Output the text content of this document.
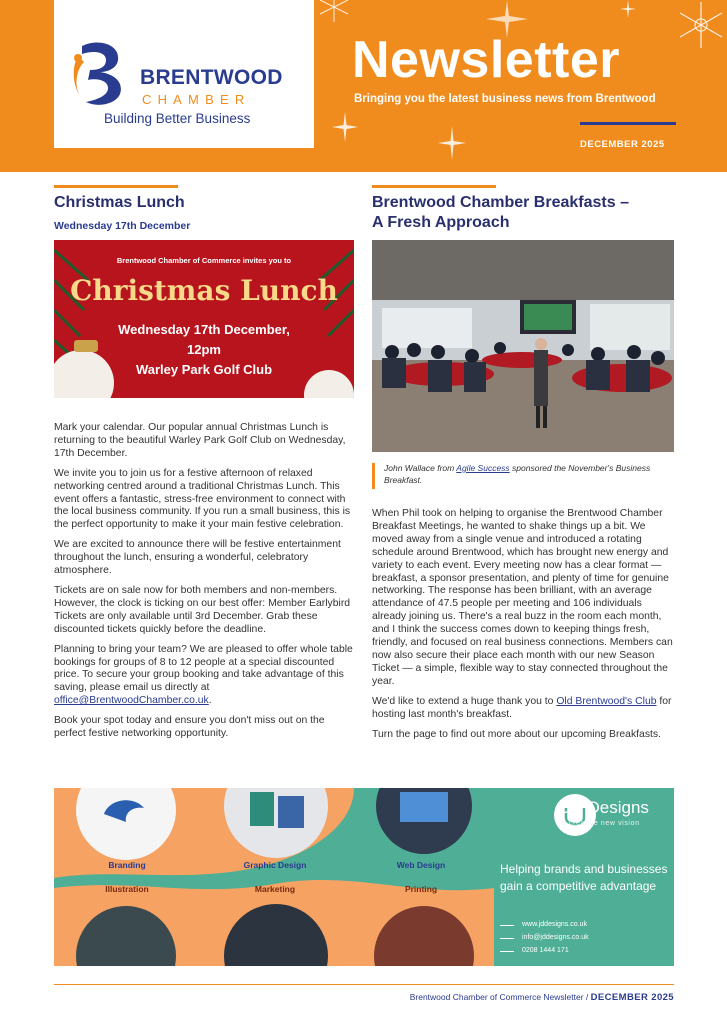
BRENTWOOD
CHAMBER
Building Better Business
Newsletter
Bringing you the latest business news from Brentwood
DECEMBER 2025
Christmas Lunch
Wednesday 17th December
Brentwood Chamber of Commerce invites you to
Christmas Lunch
Wednesday 17th December,
12pm
Warley Park Golf Club

Mark your calendar. Our popular annual Christmas Lunch is returning to the beautiful Warley Park Golf Club on Wednesday, 17th December.

We invite you to join us for a festive afternoon of relaxed networking centred around a traditional Christmas Lunch. This event offers a fantastic, stress-free environment to connect with the local business community. If you run a small business, this is the perfect opportunity to make it your main festive celebration.

We are excited to announce there will be festive entertainment throughout the lunch, ensuring a wonderful, celebratory atmosphere.

Tickets are on sale now for both members and non-members. However, the clock is ticking on our best offer: Member Earlybird Tickets are only available until 3rd December. Grab these discounted tickets quickly before the deadline.

Planning to bring your team? We are pleased to offer whole table bookings for groups of 8 to 12 people at a special discounted price. To secure your group booking and take advantage of this saving, please email us directly at office@BrentwoodChamber.co.uk.

Book your spot today and ensure you don't miss out on the perfect festive networking opportunity.

Brentwood Chamber Breakfasts –
A Fresh Approach
John Wallace from Agile Success sponsored the November's Business Breakfast.

When Phil took on helping to organise the Brentwood Chamber Breakfast Meetings, he wanted to shake things up a bit. We moved away from a single venue and introduced a rotating schedule around Brentwood, which has brought new energy and variety to each event. Every meeting now has a clear format — breakfast, a sponsor presentation, and plenty of time for genuine networking. The response has been brilliant, with an average attendance of 47.5 people per meeting and 106 individuals already joining us. There's a real buzz in the room each month, and I think the success comes down to keeping things fresh, friendly, and focused on real business connections. Members can now also secure their place each month with our new Season Ticket — a simple, flexible way to stay connected throughout the year.

We'd like to extend a huge thank you to Old Brentwood's Club for hosting last month's breakfast.

Turn the page to find out more about our upcoming Breakfasts.

Branding	Graphic Design	Web Design
Illustration	Marketing	Printing
JD Designs
a creative new vision
Helping brands and businesses gain a competitive advantage
www.jddesigns.co.uk
info@jddesigns.co.uk
0208 1444 171
Brentwood Chamber of Commerce Newsletter / DECEMBER 2025
